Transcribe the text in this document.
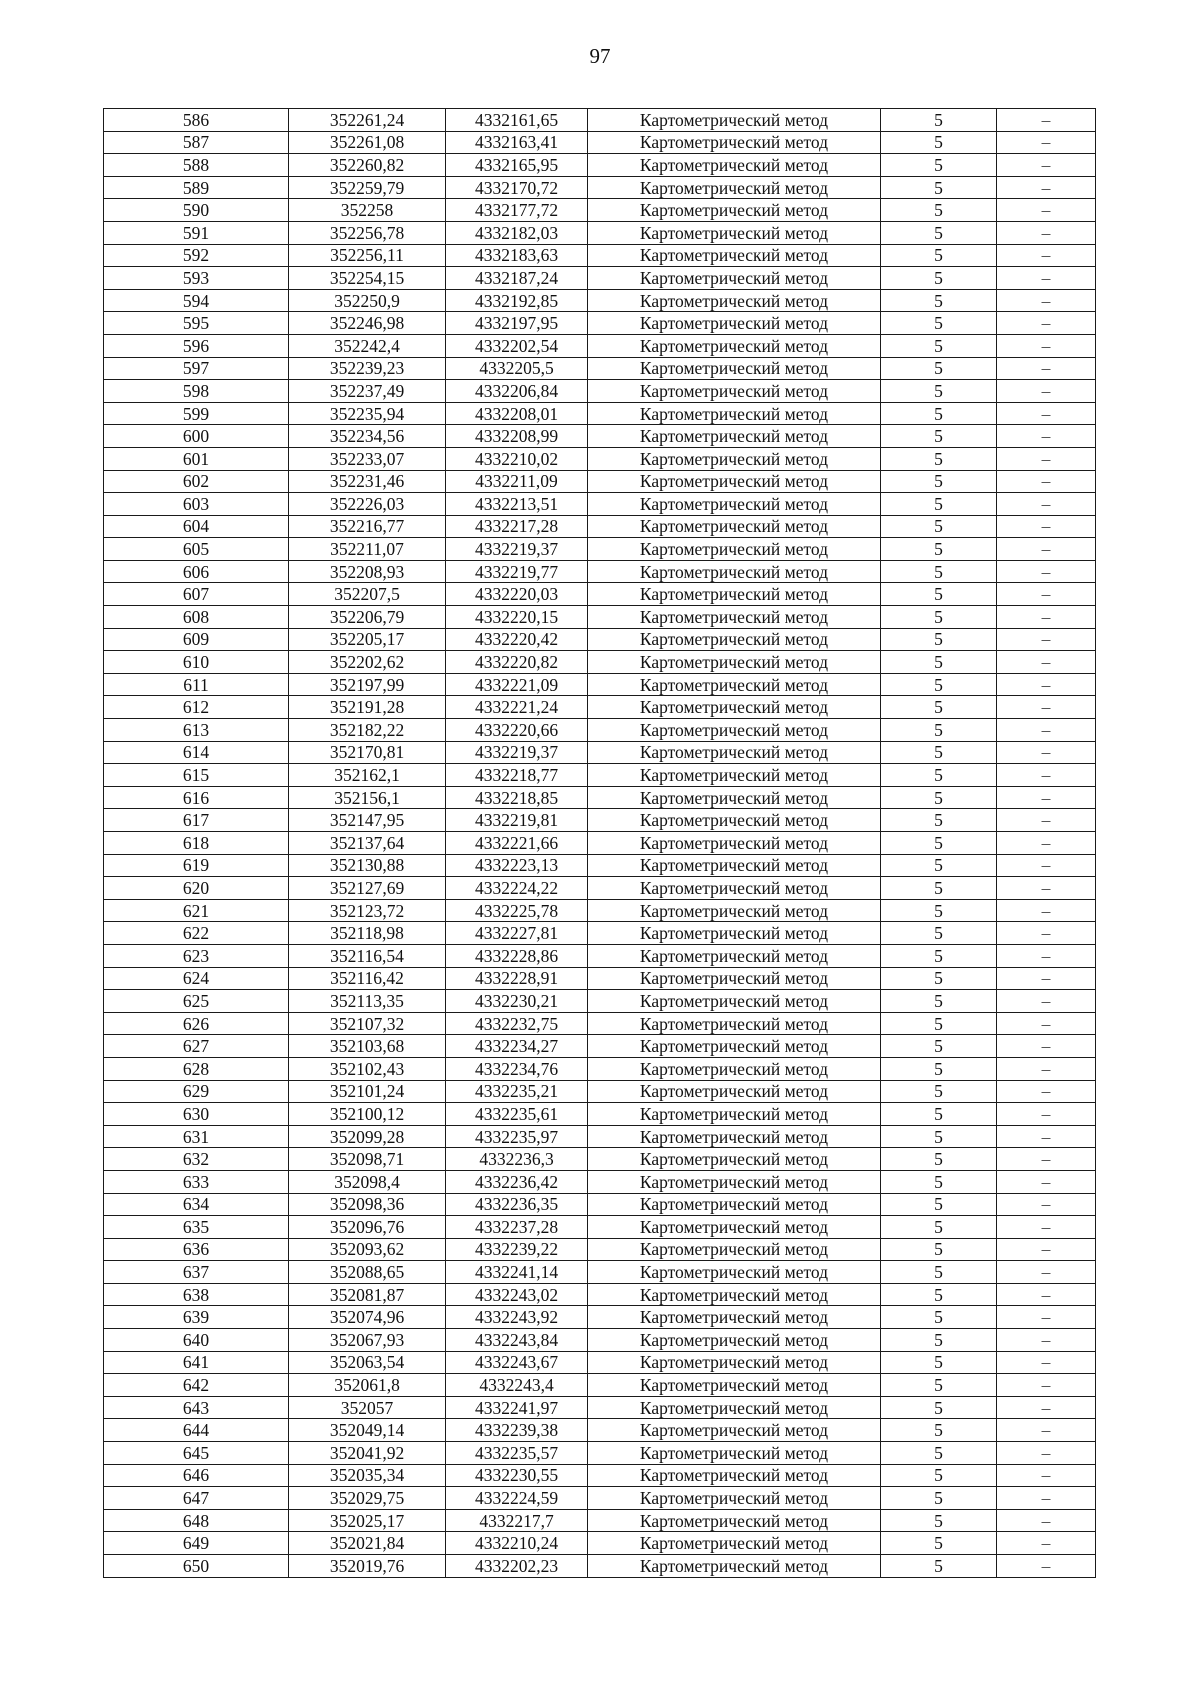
97
586	352261,24	4332161,65	Картометрический метод	5	–
587	352261,08	4332163,41	Картометрический метод	5	–
588	352260,82	4332165,95	Картометрический метод	5	–
589	352259,79	4332170,72	Картометрический метод	5	–
590	352258	4332177,72	Картометрический метод	5	–
591	352256,78	4332182,03	Картометрический метод	5	–
592	352256,11	4332183,63	Картометрический метод	5	–
593	352254,15	4332187,24	Картометрический метод	5	–
594	352250,9	4332192,85	Картометрический метод	5	–
595	352246,98	4332197,95	Картометрический метод	5	–
596	352242,4	4332202,54	Картометрический метод	5	–
597	352239,23	4332205,5	Картометрический метод	5	–
598	352237,49	4332206,84	Картометрический метод	5	–
599	352235,94	4332208,01	Картометрический метод	5	–
600	352234,56	4332208,99	Картометрический метод	5	–
601	352233,07	4332210,02	Картометрический метод	5	–
602	352231,46	4332211,09	Картометрический метод	5	–
603	352226,03	4332213,51	Картометрический метод	5	–
604	352216,77	4332217,28	Картометрический метод	5	–
605	352211,07	4332219,37	Картометрический метод	5	–
606	352208,93	4332219,77	Картометрический метод	5	–
607	352207,5	4332220,03	Картометрический метод	5	–
608	352206,79	4332220,15	Картометрический метод	5	–
609	352205,17	4332220,42	Картометрический метод	5	–
610	352202,62	4332220,82	Картометрический метод	5	–
611	352197,99	4332221,09	Картометрический метод	5	–
612	352191,28	4332221,24	Картометрический метод	5	–
613	352182,22	4332220,66	Картометрический метод	5	–
614	352170,81	4332219,37	Картометрический метод	5	–
615	352162,1	4332218,77	Картометрический метод	5	–
616	352156,1	4332218,85	Картометрический метод	5	–
617	352147,95	4332219,81	Картометрический метод	5	–
618	352137,64	4332221,66	Картометрический метод	5	–
619	352130,88	4332223,13	Картометрический метод	5	–
620	352127,69	4332224,22	Картометрический метод	5	–
621	352123,72	4332225,78	Картометрический метод	5	–
622	352118,98	4332227,81	Картометрический метод	5	–
623	352116,54	4332228,86	Картометрический метод	5	–
624	352116,42	4332228,91	Картометрический метод	5	–
625	352113,35	4332230,21	Картометрический метод	5	–
626	352107,32	4332232,75	Картометрический метод	5	–
627	352103,68	4332234,27	Картометрический метод	5	–
628	352102,43	4332234,76	Картометрический метод	5	–
629	352101,24	4332235,21	Картометрический метод	5	–
630	352100,12	4332235,61	Картометрический метод	5	–
631	352099,28	4332235,97	Картометрический метод	5	–
632	352098,71	4332236,3	Картометрический метод	5	–
633	352098,4	4332236,42	Картометрический метод	5	–
634	352098,36	4332236,35	Картометрический метод	5	–
635	352096,76	4332237,28	Картометрический метод	5	–
636	352093,62	4332239,22	Картометрический метод	5	–
637	352088,65	4332241,14	Картометрический метод	5	–
638	352081,87	4332243,02	Картометрический метод	5	–
639	352074,96	4332243,92	Картометрический метод	5	–
640	352067,93	4332243,84	Картометрический метод	5	–
641	352063,54	4332243,67	Картометрический метод	5	–
642	352061,8	4332243,4	Картометрический метод	5	–
643	352057	4332241,97	Картометрический метод	5	–
644	352049,14	4332239,38	Картометрический метод	5	–
645	352041,92	4332235,57	Картометрический метод	5	–
646	352035,34	4332230,55	Картометрический метод	5	–
647	352029,75	4332224,59	Картометрический метод	5	–
648	352025,17	4332217,7	Картометрический метод	5	–
649	352021,84	4332210,24	Картометрический метод	5	–
650	352019,76	4332202,23	Картометрический метод	5	–
